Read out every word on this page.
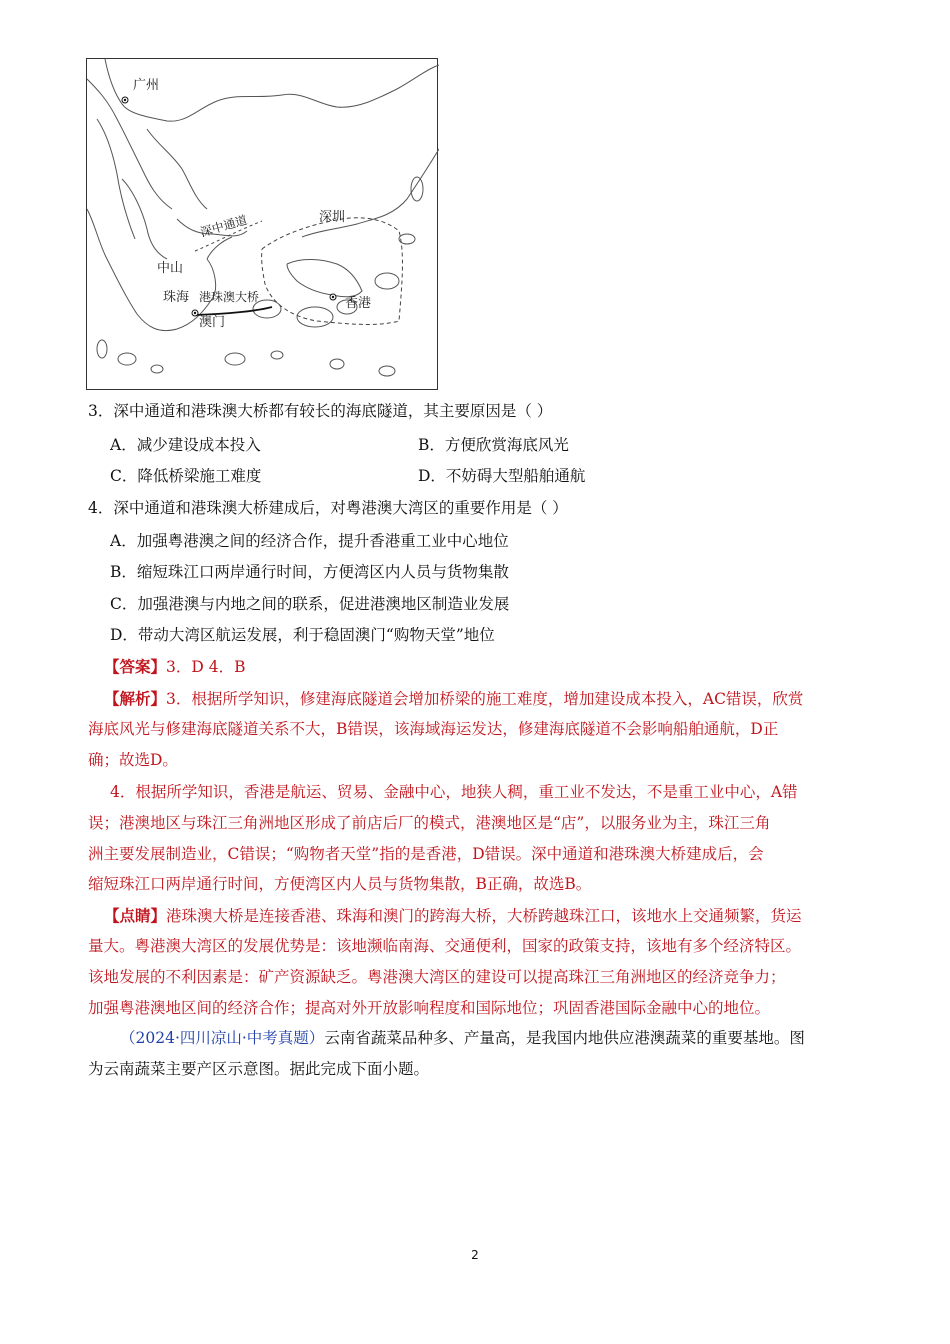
广州
深圳
深中通道
中山
珠海 港珠澳大桥
澳门
香港
3．深中通道和港珠澳大桥都有较长的海底隧道，其主要原因是（ ）
A．减少建设成本投入	B．方便欣赏海底风光
C．降低桥梁施工难度	D．不妨碍大型船舶通航
4．深中通道和港珠澳大桥建成后，对粤港澳大湾区的重要作用是（ ）
A．加强粤港澳之间的经济合作，提升香港重工业中心地位
B．缩短珠江口两岸通行时间，方便湾区内人员与货物集散
C．加强港澳与内地之间的联系，促进港澳地区制造业发展
D．带动大湾区航运发展，利于稳固澳门“购物天堂”地位
【答案】3．D 4．B
【解析】3．根据所学知识，修建海底隧道会增加桥梁的施工难度，增加建设成本投入，AC错误，欣赏
海底风光与修建海底隧道关系不大，B错误，该海域海运发达，修建海底隧道不会影响船舶通航，D正
确；故选D。
4．根据所学知识，香港是航运、贸易、金融中心，地狭人稠，重工业不发达，不是重工业中心，A错
误；港澳地区与珠江三角洲地区形成了前店后厂的模式，港澳地区是“店”，以服务业为主，珠江三角
洲主要发展制造业，C错误；“购物者天堂”指的是香港，D错误。深中通道和港珠澳大桥建成后，会
缩短珠江口两岸通行时间，方便湾区内人员与货物集散，B正确，故选B。
【点睛】港珠澳大桥是连接香港、珠海和澳门的跨海大桥，大桥跨越珠江口，该地水上交通频繁，货运
量大。粤港澳大湾区的发展优势是：该地濒临南海、交通便利，国家的政策支持，该地有多个经济特区。
该地发展的不利因素是：矿产资源缺乏。粤港澳大湾区的建设可以提高珠江三角洲地区的经济竞争力；
加强粤港澳地区间的经济合作；提高对外开放影响程度和国际地位；巩固香港国际金融中心的地位。
（2024·四川凉山·中考真题）云南省蔬菜品种多、产量高，是我国内地供应港澳蔬菜的重要基地。图
为云南蔬菜主要产区示意图。据此完成下面小题。
2
